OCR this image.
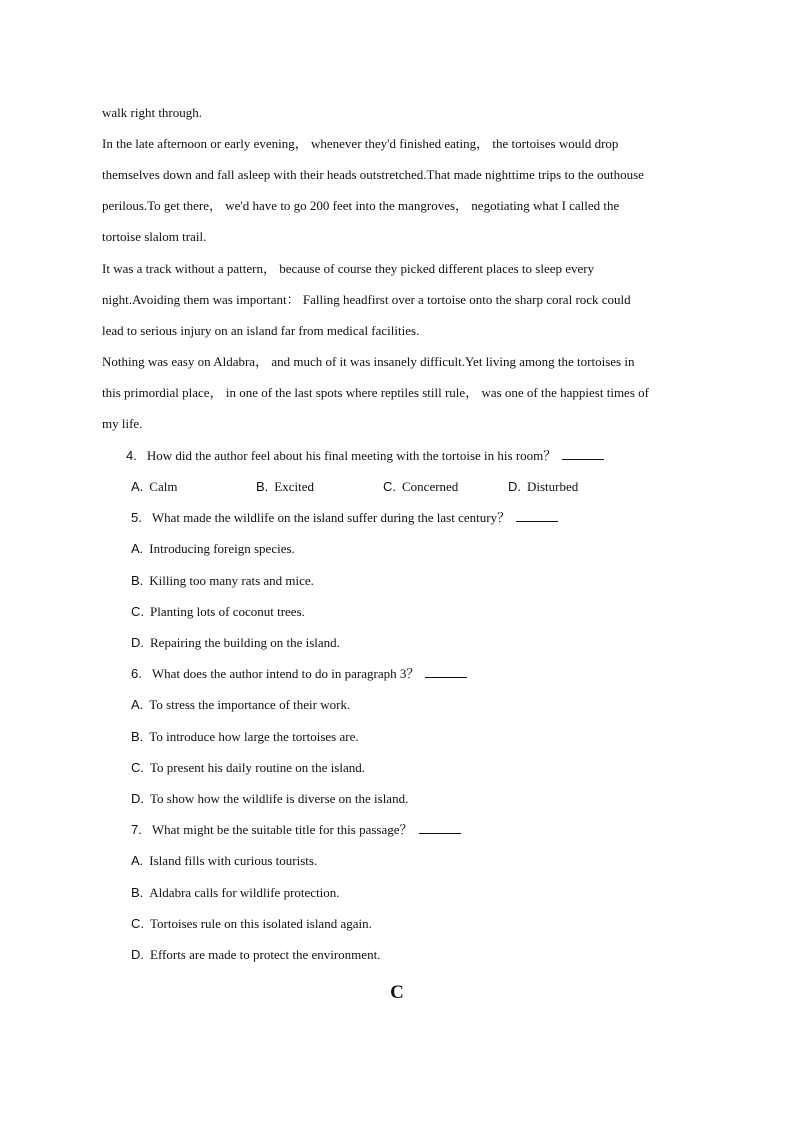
walk right through.
In the late afternoon or early evening， whenever they'd finished eating， the tortoises would drop
themselves down and fall asleep with their heads outstretched.That made nighttime trips to the outhouse
perilous.To get there， we'd have to go 200 feet into the mangroves， negotiating what I called the
tortoise slalom trail.
It was a track without a pattern， because of course they picked different places to sleep every
night.Avoiding them was important： Falling headfirst over a tortoise onto the sharp coral rock could
lead to serious injury on an island far from medical facilities.
Nothing was easy on Aldabra， and much of it was insanely difficult.Yet living among the tortoises in
this primordial place， in one of the last spots where reptiles still rule， was one of the happiest times of
my life.
4. How did the author feel about his final meeting with the tortoise in his room？
A. Calm	B. Excited	C. Concerned	D. Disturbed
5. What made the wildlife on the island suffer during the last century？
A. Introducing foreign species.
B. Killing too many rats and mice.
C. Planting lots of coconut trees.
D. Repairing the building on the island.
6. What does the author intend to do in paragraph 3？
A. To stress the importance of their work.
B. To introduce how large the tortoises are.
C. To present his daily routine on the island.
D. To show how the wildlife is diverse on the island.
7. What might be the suitable title for this passage？
A. Island fills with curious tourists.
B. Aldabra calls for wildlife protection.
C. Tortoises rule on this isolated island again.
D. Efforts are made to protect the environment.
C
